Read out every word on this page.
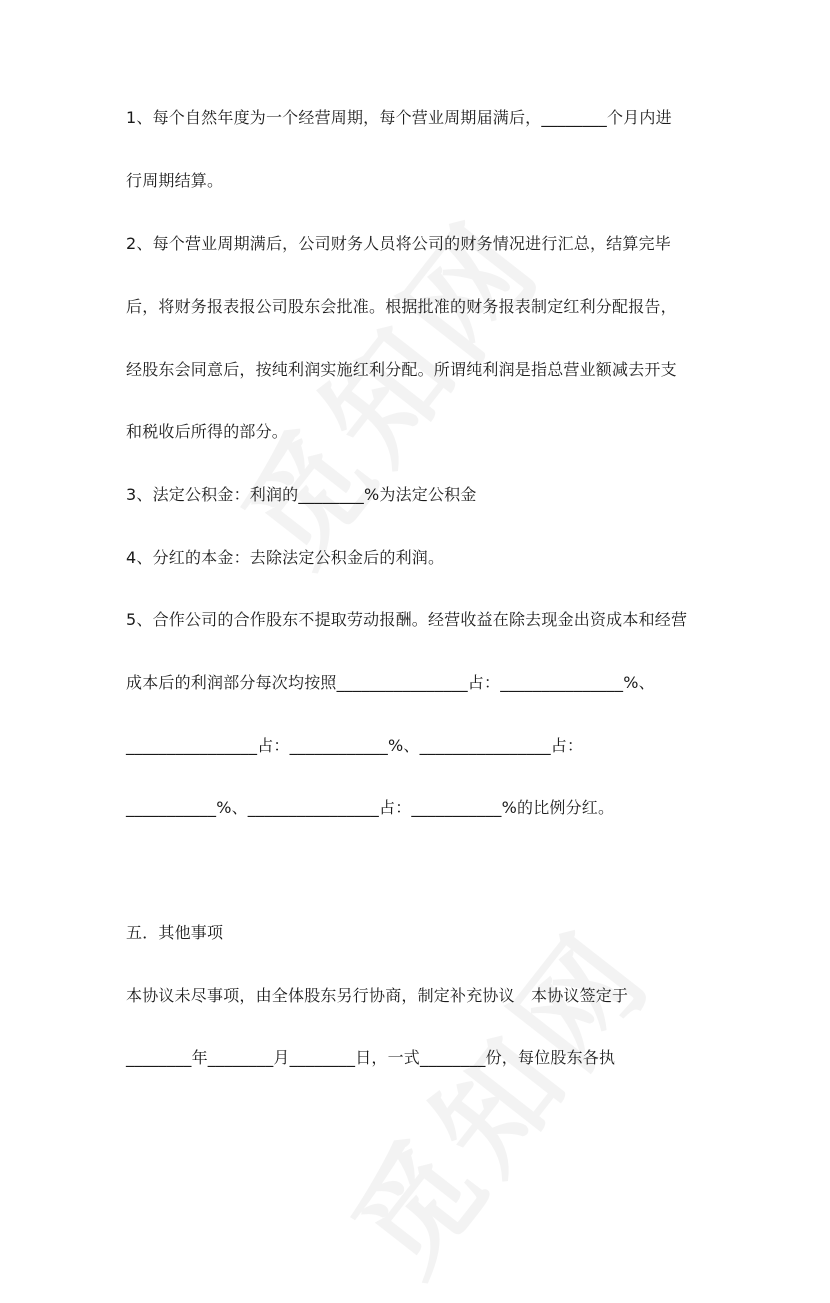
1、每个自然年度为一个经营周期，每个营业周期届满后，________个月内进
行周期结算。
2、每个营业周期满后，公司财务人员将公司的财务情况进行汇总，结算完毕
后，将财务报表报公司股东会批准。根据批准的财务报表制定红利分配报告，
经股东会同意后，按纯利润实施红利分配。所谓纯利润是指总营业额减去开支
和税收后所得的部分。
3、法定公积金：利润的________%为法定公积金
4、分红的本金：去除法定公积金后的利润。
5、合作公司的合作股东不提取劳动报酬。经营收益在除去现金出资成本和经营
成本后的利润部分每次均按照________________占：_______________%、
________________占：____________%、________________占：
___________%、________________占：___________%的比例分红。
五．其他事项
本协议未尽事项，由全体股东另行协商，制定补充协议　本协议签定于
________年________月________日，一式________份，每位股东各执
